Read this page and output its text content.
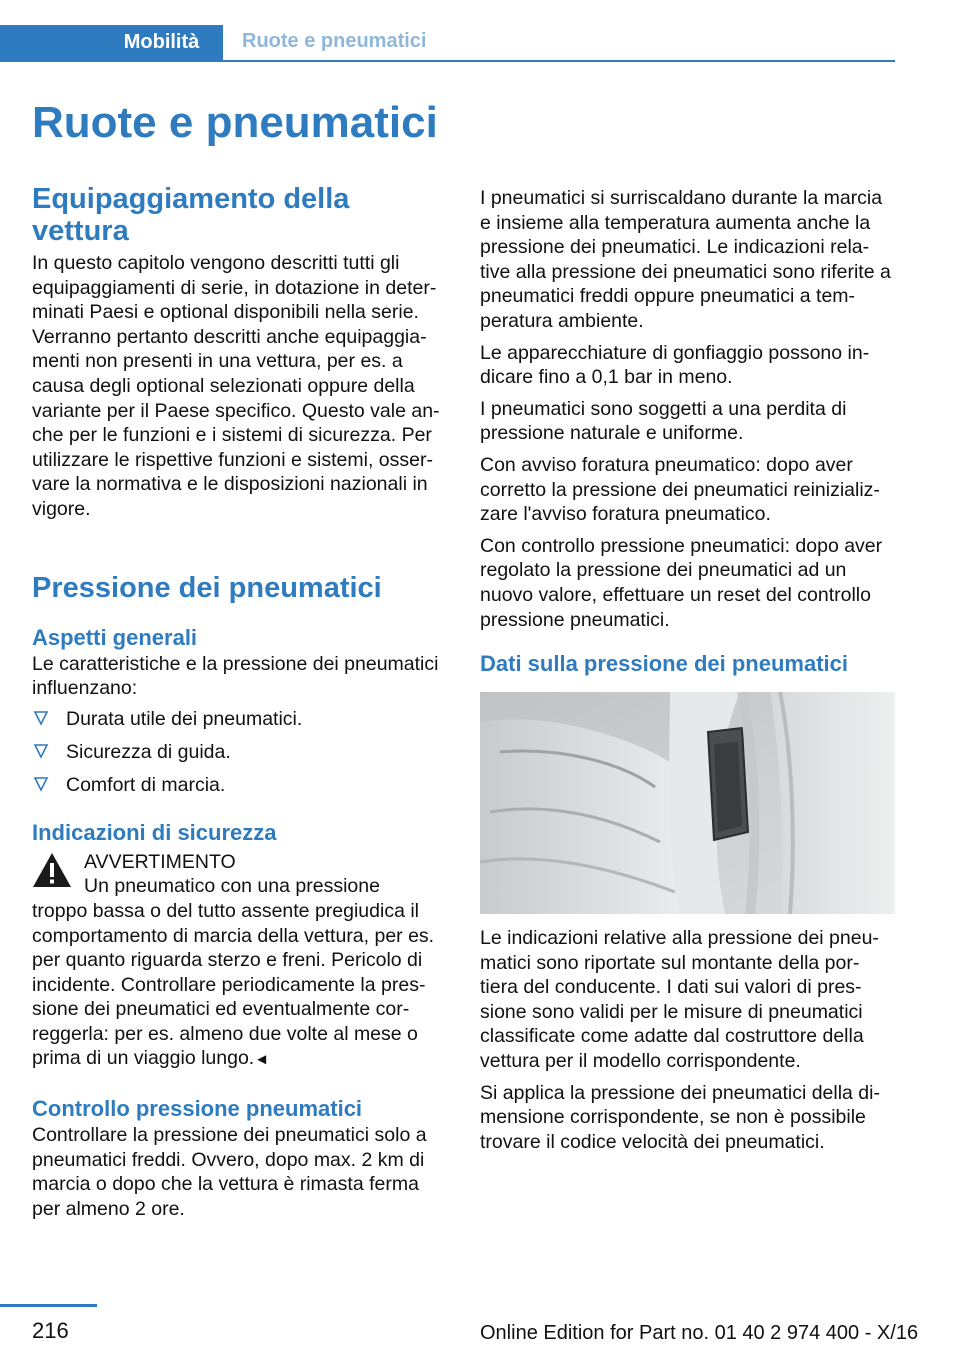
Mobilità	Ruote e pneumatici
Ruote e pneumatici
Equipaggiamento della vettura

In questo capitolo vengono descritti tutti gli equipaggiamenti di serie, in dotazione in deter-minati Paesi e optional disponibili nella serie. Verranno pertanto descritti anche equipaggia-menti non presenti in una vettura, per es. a causa degli optional selezionati oppure della variante per il Paese specifico. Questo vale an-che per le funzioni e i sistemi di sicurezza. Per utilizzare le rispettive funzioni e sistemi, osser-vare la normativa e le disposizioni nazionali in vigore.

Pressione dei pneumatici
Aspetti generali

Le caratteristiche e la pressione dei pneumatici influenzano:

Durata utile dei pneumatici.
Sicurezza di guida.
Comfort di marcia.
Indicazioni di sicurezza

AVVERTIMENTO

Un pneumatico con una pressione

troppo bassa o del tutto assente pregiudica il comportamento di marcia della vettura, per es. per quanto riguarda sterzo e freni. Pericolo di incidente. Controllare periodicamente la pres-sione dei pneumatici ed eventualmente cor-reggerla: per es. almeno due volte al mese o prima di un viaggio lungo.◄

Controllo pressione pneumatici

Controllare la pressione dei pneumatici solo a pneumatici freddi. Ovvero, dopo max. 2 km di marcia o dopo che la vettura è rimasta ferma per almeno 2 ore.

I pneumatici si surriscaldano durante la marcia e insieme alla temperatura aumenta anche la pressione dei pneumatici. Le indicazioni rela-tive alla pressione dei pneumatici sono riferite a pneumatici freddi oppure pneumatici a tem-peratura ambiente.

Le apparecchiature di gonfiaggio possono in-dicare fino a 0,1 bar in meno.

I pneumatici sono soggetti a una perdita di pressione naturale e uniforme.

Con avviso foratura pneumatico: dopo aver corretto la pressione dei pneumatici reinizializ-zare l'avviso foratura pneumatico.

Con controllo pressione pneumatici: dopo aver regolato la pressione dei pneumatici ad un nuovo valore, effettuare un reset del controllo pressione pneumatici.

Dati sulla pressione dei pneumatici

Le indicazioni relative alla pressione dei pneu-matici sono riportate sul montante della por-tiera del conducente. I dati sui valori di pres-sione sono validi per le misure di pneumatici classificate come adatte dal costruttore della vettura per il modello corrispondente.

Si applica la pressione dei pneumatici della di-mensione corrispondente, se non è possibile trovare il codice velocità dei pneumatici.

216	Online Edition for Part no. 01 40 2 974 400 - X/16
